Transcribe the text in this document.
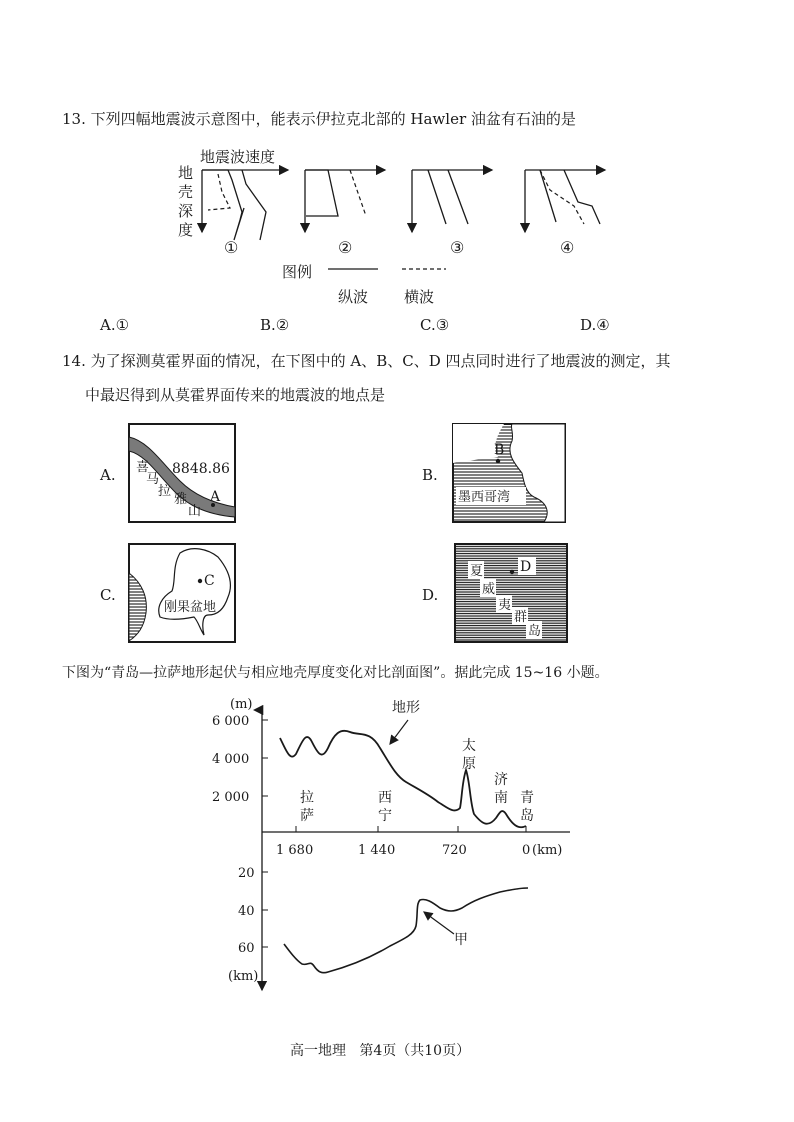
13. 下列四幅地震波示意图中，能表示伊拉克北部的 Hawler 油盆有石油的是
地震波速度
地
壳
深
度
①	②	③	④
图例
纵波 横波
A.①	B.②	C.③	D.④
14. 为了探测莫霍界面的情况，在下图中的 A、B、C、D 四点同时进行了地震波的测定，其
中最迟得到从莫霍界面传来的地震波的地点是
A. 喜
马
拉
雅
山
8848.86
A
B.
B
墨西哥湾
C.
C
刚果盆地
D.
夏
威
夷
群
岛
D
下图为“青岛—拉萨地形起伏与相应地壳厚度变化对比剖面图”。据此完成 15~16 小题。
(m)
6 000
4 000
2 000
地形
拉
萨
西
宁
太
原
济
南 青
岛
1 680	1 440	720	0 (km)
20
40
60
(km)
甲
高一地理   第4页（共10页）
